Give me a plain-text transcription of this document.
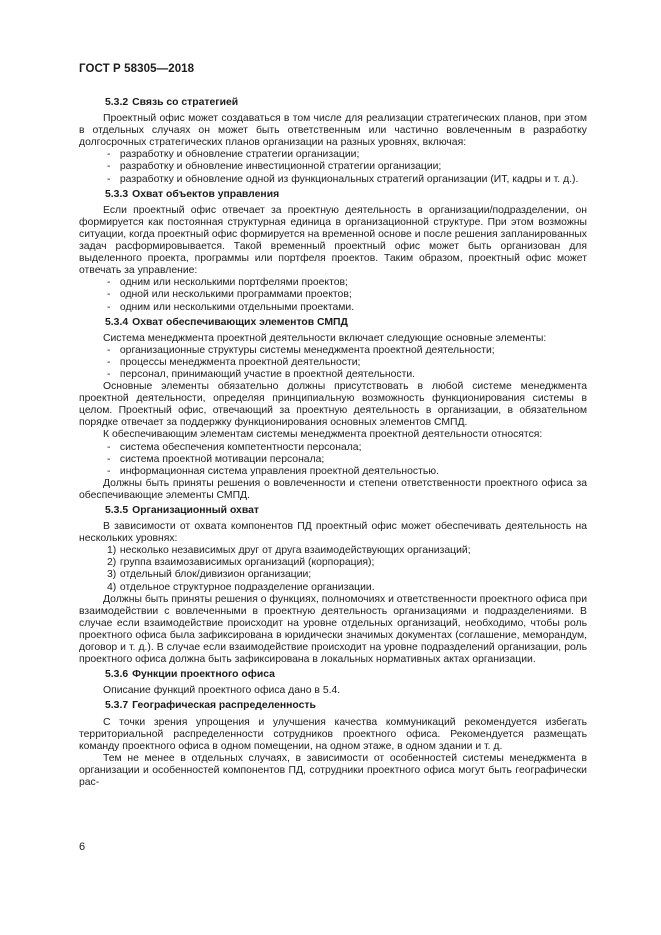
ГОСТ Р 58305—2018

5.3.2 Связь со стратегией

Проектный офис может создаваться в том числе для реализации стратегических планов, при этом в отдельных случаях он может быть ответственным или частично вовлеченным в разработку долгосрочных стратегических планов организации на разных уровнях, включая:

- разработку и обновление стратегии организации;

- разработку и обновление инвестиционной стратегии организации;

- разработку и обновление одной из функциональных стратегий организации (ИТ, кадры и т. д.).

5.3.3 Охват объектов управления

Если проектный офис отвечает за проектную деятельность в организации/подразделении, он формируется как постоянная структурная единица в организационной структуре. При этом возможны ситуации, когда проектный офис формируется на временной основе и после решения запланированных задач расформировывается. Такой временный проектный офис может быть организован для выделенного проекта, программы или портфеля проектов. Таким образом, проектный офис может отвечать за управление:

- одним или несколькими портфелями проектов;

- одной или несколькими программами проектов;

- одним или несколькими отдельными проектами.

5.3.4 Охват обеспечивающих элементов СМПД

Система менеджмента проектной деятельности включает следующие основные элементы:

- организационные структуры системы менеджмента проектной деятельности;

- процессы менеджмента проектной деятельности;

- персонал, принимающий участие в проектной деятельности.

Основные элементы обязательно должны присутствовать в любой системе менеджмента проектной деятельности, определяя принципиальную возможность функционирования системы в целом. Проектный офис, отвечающий за проектную деятельность в организации, в обязательном порядке отвечает за поддержку функционирования основных элементов СМПД.

К обеспечивающим элементам системы менеджмента проектной деятельности относятся:

- система обеспечения компетентности персонала;

- система проектной мотивации персонала;

- информационная система управления проектной деятельностью.

Должны быть приняты решения о вовлеченности и степени ответственности проектного офиса за обеспечивающие элементы СМПД.

5.3.5 Организационный охват

В зависимости от охвата компонентов ПД проектный офис может обеспечивать деятельность на нескольких уровнях:

1) несколько независимых друг от друга взаимодействующих организаций;

2) группа взаимозависимых организаций (корпорация);

3) отдельный блок/дивизион организации;

4) отдельное структурное подразделение организации.

Должны быть приняты решения о функциях, полномочиях и ответственности проектного офиса при взаимодействии с вовлеченными в проектную деятельность организациями и подразделениями. В случае если взаимодействие происходит на уровне отдельных организаций, необходимо, чтобы роль проектного офиса была зафиксирована в юридически значимых документах (соглашение, меморандум, договор и т. д.). В случае если взаимодействие происходит на уровне подразделений организации, роль проектного офиса должна быть зафиксирована в локальных нормативных актах организации.

5.3.6 Функции проектного офиса

Описание функций проектного офиса дано в 5.4.

5.3.7 Географическая распределенность

С точки зрения упрощения и улучшения качества коммуникаций рекомендуется избегать территориальной распределенности сотрудников проектного офиса. Рекомендуется размещать команду проектного офиса в одном помещении, на одном этаже, в одном здании и т. д.

Тем не менее в отдельных случаях, в зависимости от особенностей системы менеджмента в организации и особенностей компонентов ПД, сотрудники проектного офиса могут быть географически рас-

6
